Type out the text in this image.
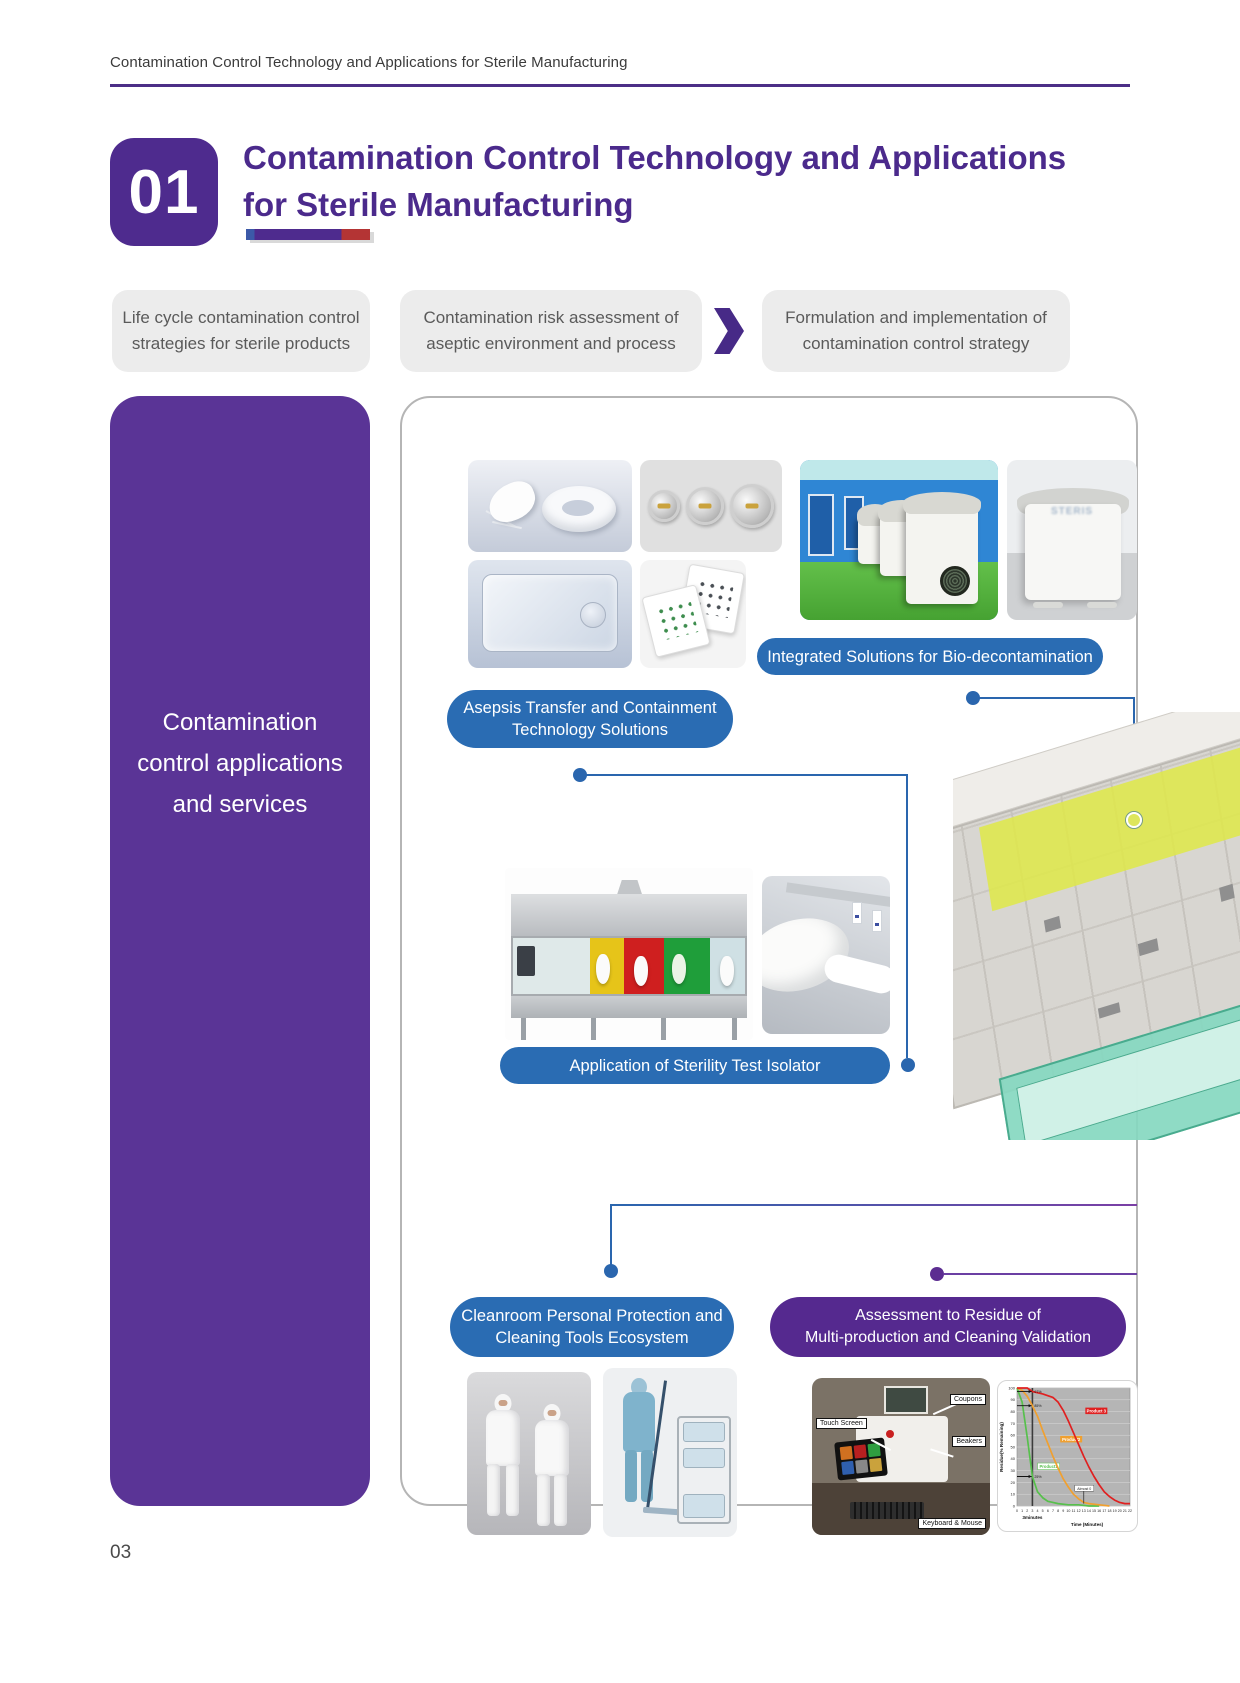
Contamination Control Technology and Applications for Sterile Manufacturing
01 Contamination Control Technology and Applications
for Sterile Manufacturing
Life cycle contamination control
strategies for sterile products
Contamination risk assessment of
aseptic environment and process
Formulation and implementation of
contamination control strategy
Contamination
control applications
and services
STERIS
Asepsis Transfer and Containment
Technology Solutions
Integrated Solutions for Bio-decontamination
Application of Sterility Test Isolator
Cleanroom Personal Protection and
Cleaning Tools Ecosystem
Assessment to Residue of
Multi-production and Cleaning Validation
Touch Screen
Coupons
Beakers
Keyboard & Mouse
0
10
20
30
40
50
60
70
80
90
100
0 1 2 3 4 5 6 7 8 9 10 11 12 13 14 15 16 17 18 19 20 21 22
Product1
Product2
Product 3
97%
85%
25%
Almost 0
3minutes
Time (Minutes)
Residue(% Remaining)
03
